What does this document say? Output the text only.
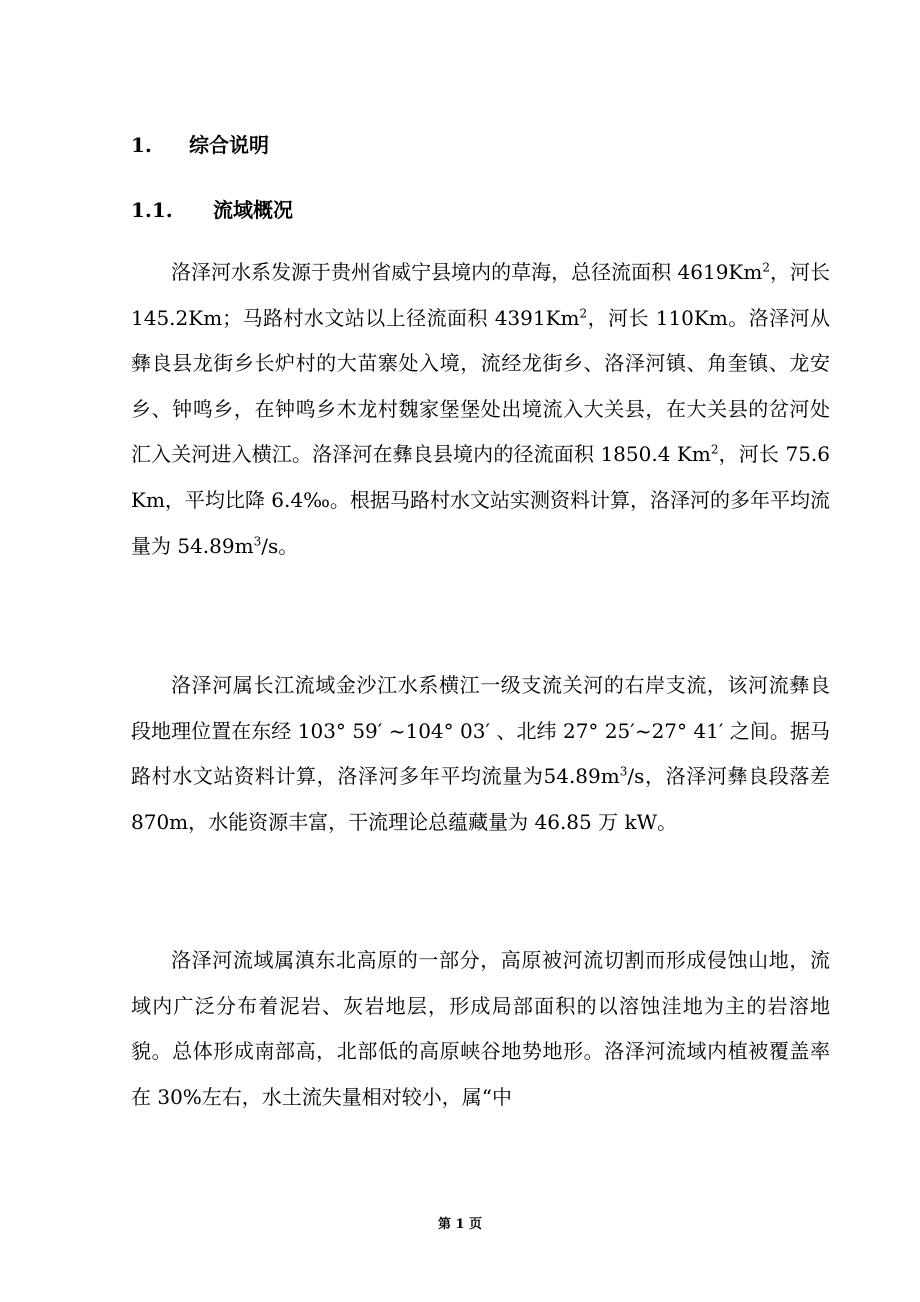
1. 综合说明
1.1. 流域概况

洛泽河水系发源于贵州省威宁县境内的草海，总径流面积 4619Km$^2$，河长 145.2Km；马路村水文站以上径流面积 4391Km$^2$，河长 110Km。洛泽河从彝良县龙街乡长炉村的大苗寨处入境，流经龙街乡、洛泽河镇、角奎镇、龙安乡、钟鸣乡，在钟鸣乡木龙村魏家堡堡处出境流入大关县，在大关县的岔河处汇入关河进入横江。洛泽河在彝良县境内的径流面积 1850.4 Km$^2$，河长 75.6 Km，平均比降 6.4‰。根据马路村水文站实测资料计算，洛泽河的多年平均流量为 $54.89m^3/s$。

洛泽河属长江流域金沙江水系横江一级支流关河的右岸支流，该河流彝良段地理位置在东经 103° 59′ ~104° 03′ 、北纬 27° 25′~27° 41′ 之间。据马路村水文站资料计算，洛泽河多年平均流量为$54.89m^3/s$，洛泽河彝良段落差 870m，水能资源丰富，干流理论总蕴藏量为 46.85 万 kW。

洛泽河流域属滇东北高原的一部分，高原被河流切割而形成侵蚀山地，流域内广泛分布着泥岩、灰岩地层，形成局部面积的以溶蚀洼地为主的岩溶地貌。总体形成南部高，北部低的高原峡谷地势地形。洛泽河流域内植被覆盖率在 30%左右，水土流失量相对较小，属“中

第 1 页
